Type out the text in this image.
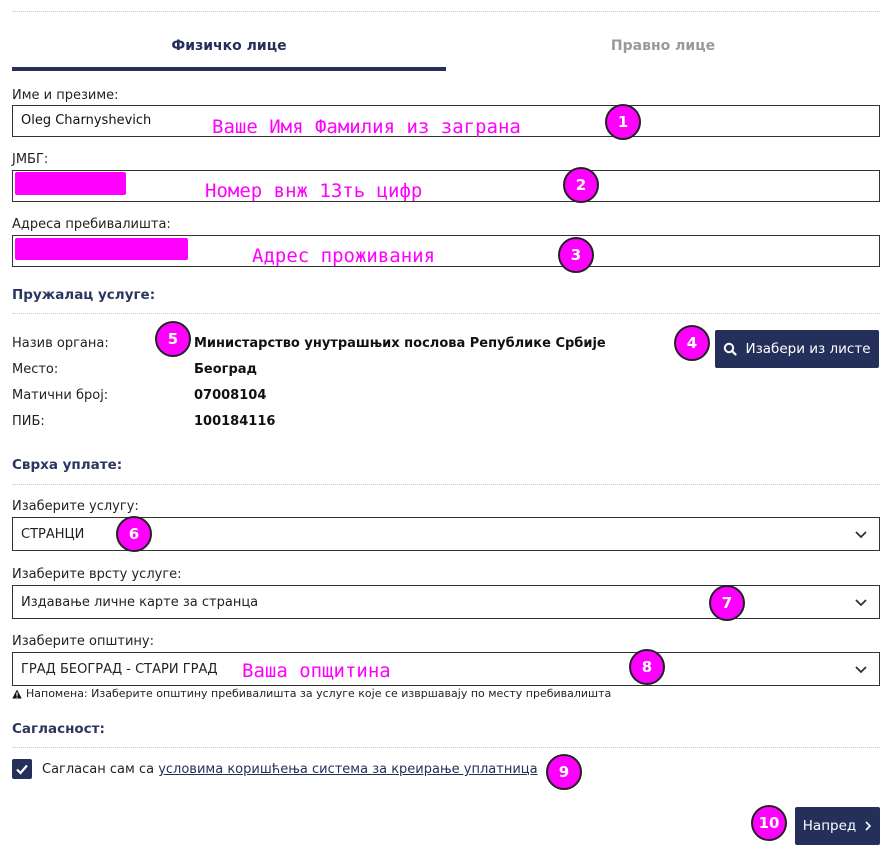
Физичко лице	Правно лице
Име и презиме:
Oleg Charnyshevich	Ваше Имя Фамилия из заграна	1
ЈМБГ:
Номер внж 13ть цифр	2
Адреса пребивалишта:
Адрес проживания	3
Пружалац услуге:
Назив органа:	5	Министарство унутрашњих послова Републике Србије
Место:	Београд
Матични број:	07008104
ПИБ:	100184116
4	Изабери из листе
Сврха уплате:
Изаберите услугу:
СТРАНЦИ	6
Изаберите врсту услуге:
Издавање личне карте за странца	7
Изаберите општину:
ГРАД БЕОГРАД - СТАРИ ГРАД Ваша опщитина	8
Напомена: Изаберите општину пребивалишта за услуге које се извршавају по месту пребивалишта
Сагласност:
Сагласан сам са условима коришћења система за креирање уплатница	9
10	Напред
